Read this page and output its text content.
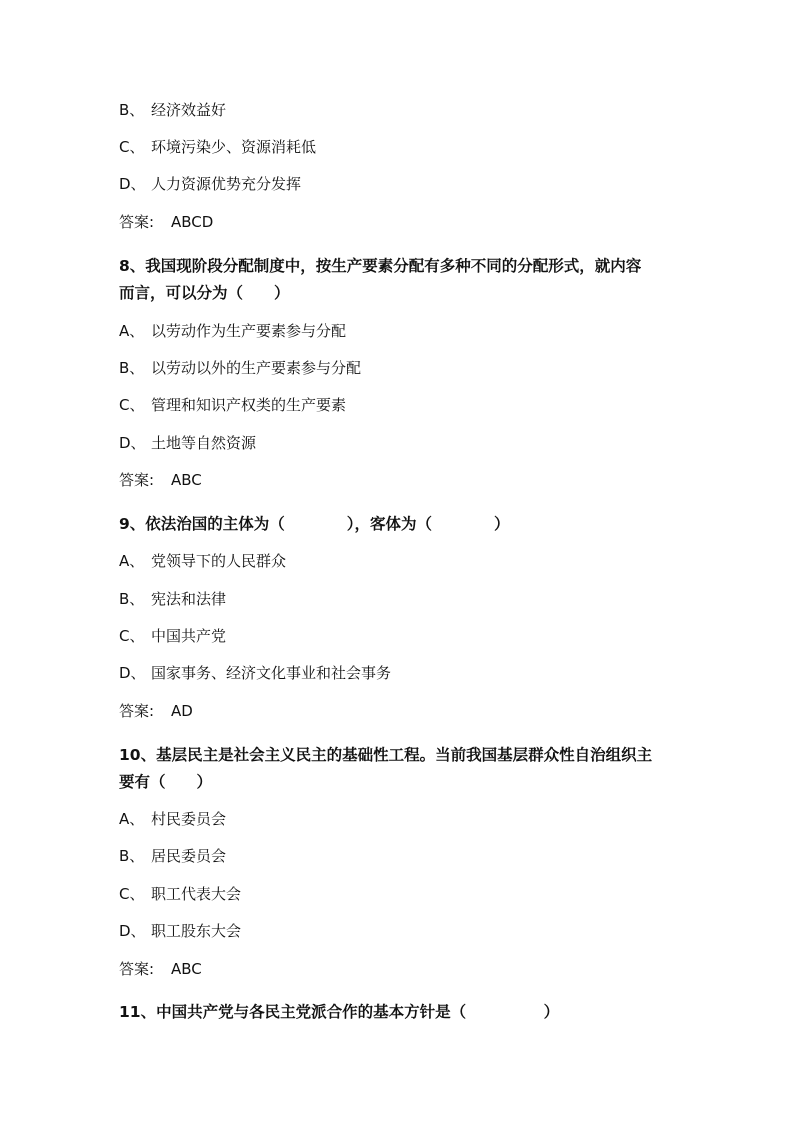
B、 经济效益好
C、 环境污染少、资源消耗低
D、 人力资源优势充分发挥
答案: ABCD
8、我国现阶段分配制度中，按生产要素分配有多种不同的分配形式，就内容
而言，可以分为（　　）
A、 以劳动作为生产要素参与分配
B、 以劳动以外的生产要素参与分配
C、 管理和知识产权类的生产要素
D、 土地等自然资源
答案: ABC
9、依法治国的主体为（　　　　），客体为（　　　　）
A、 党领导下的人民群众
B、 宪法和法律
C、 中国共产党
D、 国家事务、经济文化事业和社会事务
答案: AD
10、基层民主是社会主义民主的基础性工程。当前我国基层群众性自治组织主
要有（　　）
A、 村民委员会
B、 居民委员会
C、 职工代表大会
D、 职工股东大会
答案: ABC
11、中国共产党与各民主党派合作的基本方针是（　　　　　）
